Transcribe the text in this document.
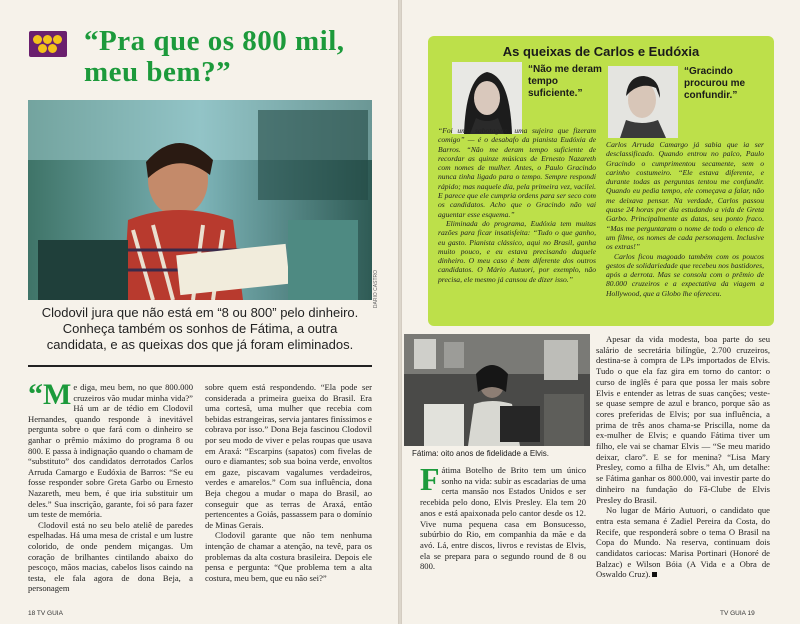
“Pra que os 800 mil, meu bem?”
DARIO CASTRO
Clodovil jura que não está em “8 ou 800” pelo dinheiro. Conheça também os sonhos de Fátima, a outra candidata, e as queixas dos que já foram eliminados.

“M e diga, meu bem, no que 800.000 cruzeiros vão mudar minha vida?” Há um ar de tédio em Clodovil Hernandes, quando responde à inevitável pergunta sobre o que fará com o dinheiro se ganhar o prêmio máximo do programa 8 ou 800. E passa à indignação quando o chamam de “substituto” dos candidatos derrotados Carlos Arruda Camargo e Eudóxia de Barros: “Se eu fosse responder sobre Greta Garbo ou Ernesto Nazareth, meu bem, é que iria substituir um deles.” Sua inscrição, garante, foi só para fazer um teste de memória.

Clodovil está no seu belo ateliê de paredes espelhadas. Há uma mesa de cristal e um lustre colorido, de onde pendem miçangas. Um coração de brilhantes cintilando abaixo do pescoço, mãos macias, cabelos lisos caindo na testa, ele fala agora de dona Beja, a personagem

sobre quem está respondendo. “Ela pode ser considerada a primeira gueixa do Brasil. Era uma cortesã, uma mulher que recebia com bebidas estrangeiras, servia jantares finíssimos e cobrava por isso.” Dona Beja fascinou Clodovil por seu modo de viver e pelas roupas que usava em Araxá: “Escarpins (sapatos) com fivelas de ouro e diamantes; sob sua boina verde, envoltos em gaze, piscavam vagalumes verdadeiros, verdes e amarelos.” Com sua influência, dona Beja chegou a mudar o mapa do Brasil, ao conseguir que as terras de Araxá, então pertencentes a Goiás, passassem para o domínio de Minas Gerais.

Clodovil garante que não tem nenhuma intenção de chamar a atenção, na tevê, para os problemas da alta costura brasileira. Depois ele pensa e pergunta: “Que problema tem a alta costura, meu bem, que eu não sei?”

18 TV GUIA
As queixas de Carlos e Eudóxia
“Não me deram tempo suficiente.”
“Gracindo procurou me confundir.”

“Foi uma sabotagem, uma sujeira que fizeram comigo” — é o desabafo da pianista Eudóxia de Barros. “Não me deram tempo suficiente de recordar as quinze músicas de Ernesto Nazareth com nomes de mulher. Antes, o Paulo Gracindo nunca tinha ligado para o tempo. Sempre respondi rápido; mas naquele dia, pela primeira vez, vacilei. E parece que ele cumpria ordens para ser seco com os candidatos. Acho que o Gracindo não vai aguentar esse esquema.”

Eliminada do programa, Eudóxia tem muitas razões para ficar insatisfeita: “Tudo o que ganho, eu gasto. Pianista clássico, aqui no Brasil, ganha muito pouco, e eu estava precisando daquele dinheiro. O meu caso é bem diferente dos outros candidatos. O Mário Autuori, por exemplo, não precisa, ele mesmo já cansou de dizer isso.”

Carlos Arruda Camargo já sabia que ia ser desclassificado. Quando entrou no palco, Paulo Gracindo o cumprimentou secamente, sem o carinho costumeiro. “Ele estava diferente, e durante todas as perguntas tentou me confundir. Quando eu pedia tempo, ele começava a falar, não me deixava pensar. Na verdade, Carlos passou quase 24 horas por dia estudando a vida de Greta Garbo. Principalmente as datas, seu ponto fraco. “Mas me perguntaram o nome de todo o elenco de um filme, os nomes de cada personagem. Inclusive os extras!”

Carlos ficou magoado também com os poucos gestos de solidariedade que recebeu nos bastidores, após a derrota. Mas se consola com o prêmio de 80.000 cruzeiros e a expectativa da viagem a Hollywood, que a Globo lhe ofereceu.

Fátima: oito anos de fidelidade a Elvis.

Fátima Botelho de Brito tem um único sonho na vida: subir as escadarias de uma certa mansão nos Estados Unidos e ser recebida pelo dono, Elvis Presley. Ela tem 20 anos e está apaixonada pelo cantor desde os 12. Vive numa pequena casa em Bonsucesso, subúrbio do Rio, em companhia da mãe e da avó. Lá, entre discos, livros e revistas de Elvis, ela se prepara para o segundo round de 8 ou 800.

Apesar da vida modesta, boa parte do seu salário de secretária bilíngüe, 2.700 cruzeiros, destina-se à compra de LPs importados de Elvis. Tudo o que ela faz gira em torno do cantor: o curso de inglês é para que possa ler mais sobre Elvis e entender as letras de suas canções; veste-se quase sempre de azul e branco, porque são as cores preferidas de Elvis; por sua influência, a prima de três anos chama-se Priscilla, nome da ex-mulher de Elvis; e quando Fátima tiver um filho, ele vai se chamar Elvis — “Se meu marido deixar, claro”. E se for menina? “Lisa Mary Presley, como a filha de Elvis.” Ah, um detalhe: se Fátima ganhar os 800.000, vai investir parte do dinheiro na fundação do Fã-Clube de Elvis Presley do Brasil.

No lugar de Mário Autuori, o candidato que entra esta semana é Zadiel Pereira da Costa, do Recife, que responderá sobre o tema O Brasil na Copa do Mundo. Na reserva, continuam dois candidatos cariocas: Marisa Portinari (Honoré de Balzac) e Wilson Bóia (A Vida e a Obra de Oswaldo Cruz).

TV GUIA 19
